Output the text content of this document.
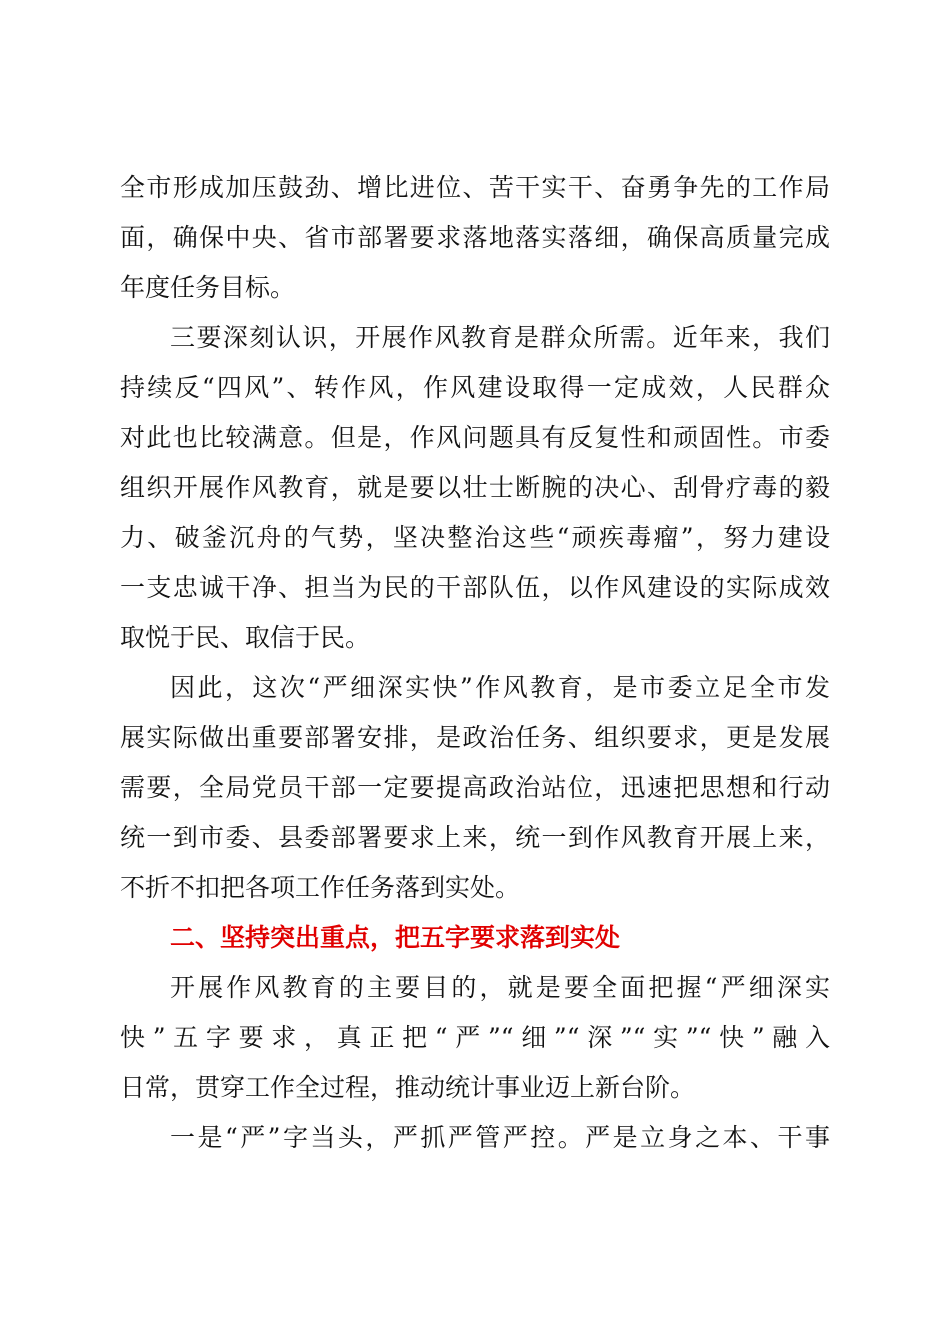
全市形成加压鼓劲、增比进位、苦干实干、奋勇争先的工作局
面，确保中央、省市部署要求落地落实落细，确保高质量完成
年度任务目标。
三要深刻认识，开展作风教育是群众所需。近年来，我们
持续反“四风”、转作风，作风建设取得一定成效，人民群众
对此也比较满意。但是，作风问题具有反复性和顽固性。市委
组织开展作风教育，就是要以壮士断腕的决心、刮骨疗毒的毅
力、破釜沉舟的气势，坚决整治这些“顽疾毒瘤”，努力建设
一支忠诚干净、担当为民的干部队伍，以作风建设的实际成效
取悦于民、取信于民。
因此，这次“严细深实快”作风教育，是市委立足全市发
展实际做出重要部署安排，是政治任务、组织要求，更是发展
需要，全局党员干部一定要提高政治站位，迅速把思想和行动
统一到市委、县委部署要求上来，统一到作风教育开展上来，
不折不扣把各项工作任务落到实处。
二、坚持突出重点，把五字要求落到实处
开展作风教育的主要目的，就是要全面把握“严细深实
快”五字要求，真正把“严”“细”“深”“实”“快”融入
日常，贯穿工作全过程，推动统计事业迈上新台阶。
一是“严”字当头，严抓严管严控。严是立身之本、干事
